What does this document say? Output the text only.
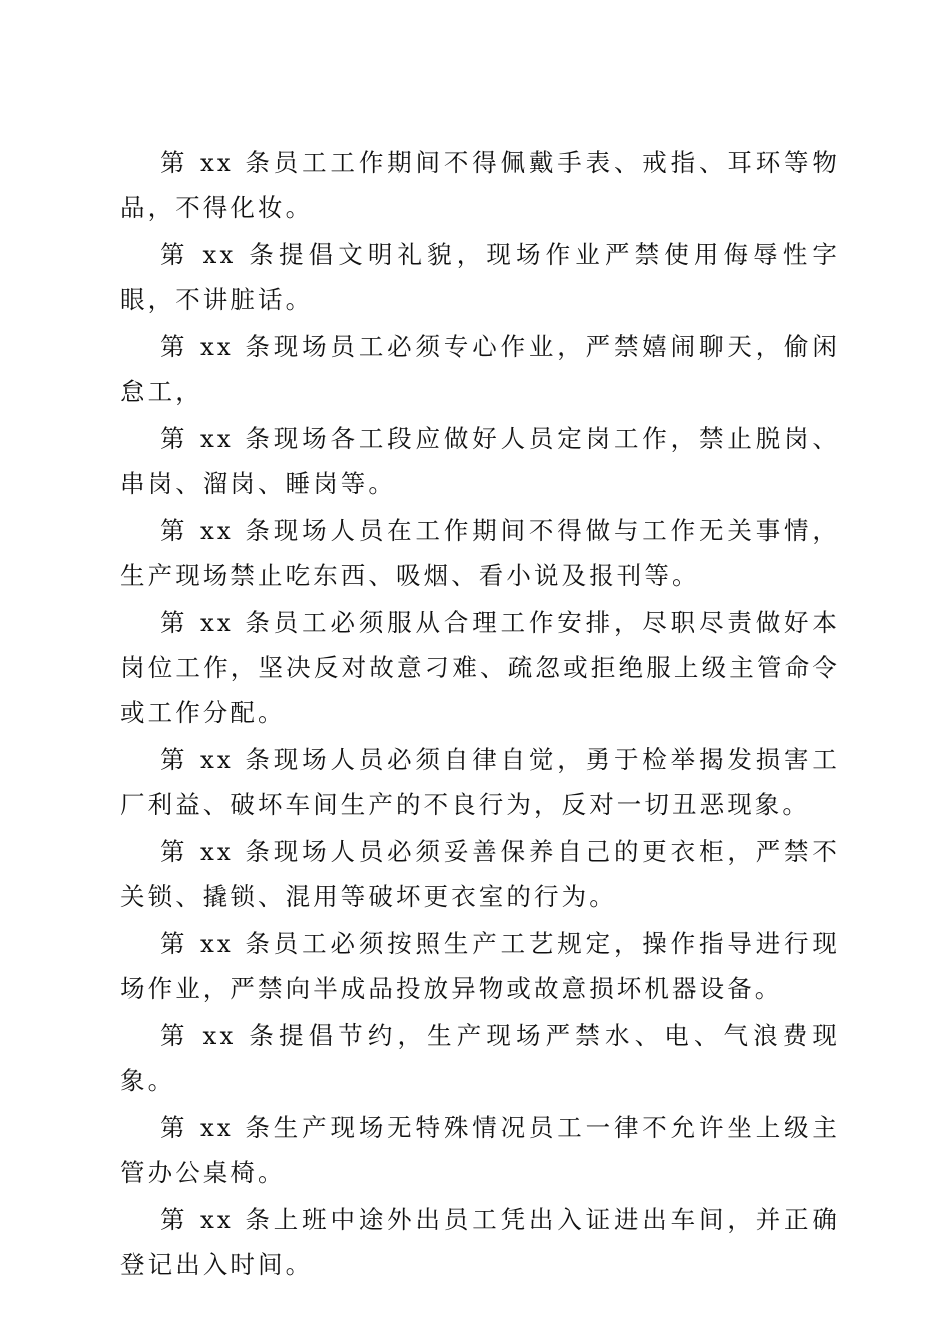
第 xx 条员工工作期间不得佩戴手表、戒指、耳环等物品，不得化妆。

第 xx 条提倡文明礼貌，现场作业严禁使用侮辱性字眼，不讲脏话。

第 xx 条现场员工必须专心作业，严禁嬉闹聊天，偷闲怠工，

第 xx 条现场各工段应做好人员定岗工作，禁止脱岗、串岗、溜岗、睡岗等。

第 xx 条现场人员在工作期间不得做与工作无关事情，生产现场禁止吃东西、吸烟、看小说及报刊等。

第 xx 条员工必须服从合理工作安排，尽职尽责做好本岗位工作，坚决反对故意刁难、疏忽或拒绝服上级主管命令或工作分配。

第 xx 条现场人员必须自律自觉，勇于检举揭发损害工厂利益、破坏车间生产的不良行为，反对一切丑恶现象。

第 xx 条现场人员必须妥善保养自己的更衣柜，严禁不关锁、撬锁、混用等破坏更衣室的行为。

第 xx 条员工必须按照生产工艺规定，操作指导进行现场作业，严禁向半成品投放异物或故意损坏机器设备。

第 xx 条提倡节约，生产现场严禁水、电、气浪费现象。

第 xx 条生产现场无特殊情况员工一律不允许坐上级主管办公桌椅。

第 xx 条上班中途外出员工凭出入证进出车间，并正确登记出入时间。
